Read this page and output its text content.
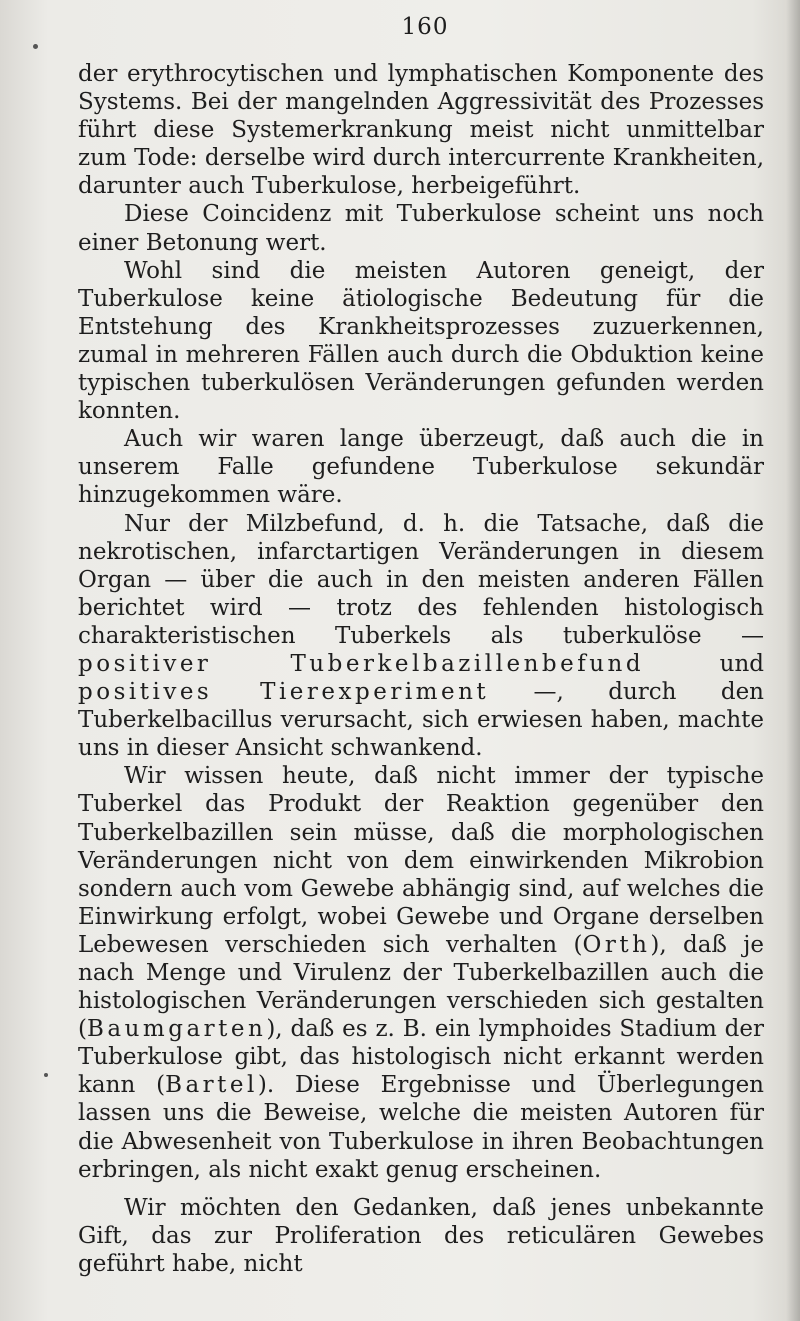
160

der erythrocytischen und lymphatischen Komponente des Systems. Bei der mangelnden Aggressivität des Prozesses führt diese Systemerkrankung meist nicht unmittelbar zum Tode: derselbe wird durch intercurrente Krankheiten, darunter auch Tuberkulose, herbeigeführt.

Diese Coincidenz mit Tuberkulose scheint uns noch einer Betonung wert.

Wohl sind die meisten Autoren geneigt, der Tuberkulose keine ätiologische Bedeutung für die Entstehung des Krankheitsprozesses zuzuerkennen, zumal in mehreren Fällen auch durch die Obduktion keine typischen tuberkulösen Veränderungen gefunden werden konnten.

Auch wir waren lange überzeugt, daß auch die in unserem Falle gefundene Tuberkulose sekundär hinzugekommen wäre.

Nur der Milzbefund, d. h. die Tatsache, daß die nekrotischen, infarctartigen Veränderungen in diesem Organ — über die auch in den meisten anderen Fällen berichtet wird — trotz des fehlenden histologisch charakteristischen Tuberkels als tuberkulöse — positiver Tuberkelbazillenbefund und positives Tierexperiment —, durch den Tuberkelbacillus verursacht, sich erwiesen haben, machte uns in dieser Ansicht schwankend.

Wir wissen heute, daß nicht immer der typische Tuberkel das Produkt der Reaktion gegenüber den Tuberkelbazillen sein müsse, daß die morphologischen Veränderungen nicht von dem einwirkenden Mikrobion sondern auch vom Gewebe abhängig sind, auf welches die Einwirkung erfolgt, wobei Gewebe und Organe derselben Lebewesen verschieden sich verhalten (Orth), daß je nach Menge und Virulenz der Tuberkelbazillen auch die histologischen Veränderungen verschieden sich gestalten (Baumgarten), daß es z. B. ein lymphoides Stadium der Tuberkulose gibt, das histologisch nicht erkannt werden kann (Bartel). Diese Ergebnisse und Überlegungen lassen uns die Beweise, welche die meisten Autoren für die Abwesenheit von Tuberkulose in ihren Beobachtungen erbringen, als nicht exakt genug erscheinen.

Wir möchten den Gedanken, daß jenes unbekannte Gift, das zur Proliferation des reticulären Gewebes geführt habe, nicht
